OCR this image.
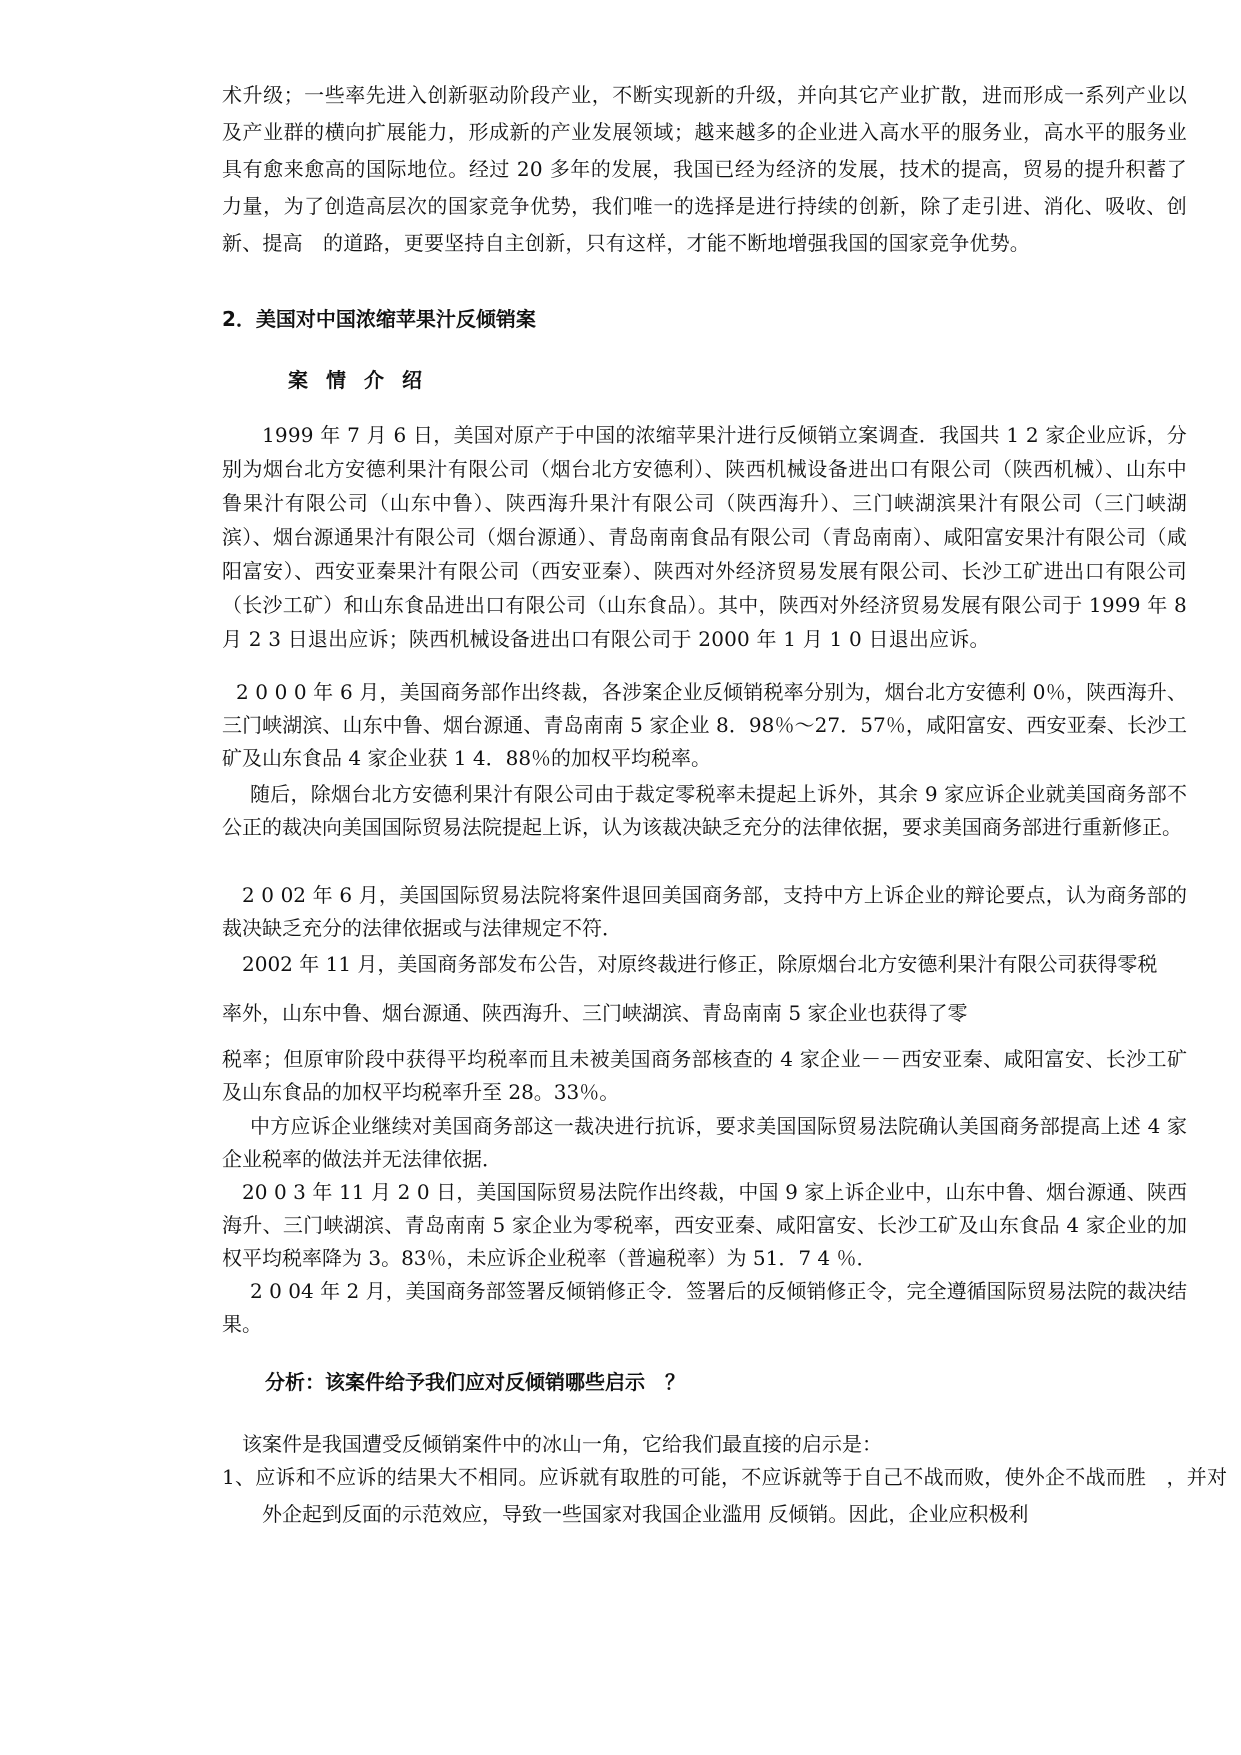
术升级；一些率先进入创新驱动阶段产业，不断实现新的升级，并向其它产业扩散，进而形成一系列产业以及产业群的横向扩展能力，形成新的产业发展领域；越来越多的企业进入高水平的服务业，高水平的服务业具有愈来愈高的国际地位。经过 20 多年的发展，我国已经为经济的发展，技术的提高，贸易的提升积蓄了力量，为了创造高层次的国家竞争优势，我们唯一的选择是进行持续的创新，除了走引进、消化、吸收、创新、提高　的道路，更要坚持自主创新，只有这样，才能不断地增强我国的国家竞争优势。

2．美国对中国浓缩苹果汁反倾销案

案情介绍

1999 年 7 月 6 日，美国对原产于中国的浓缩苹果汁进行反倾销立案调查．我国共 1 2 家企业应诉，分别为烟台北方安德利果汁有限公司（烟台北方安德利）、陕西机械设备进出口有限公司（陕西机械）、山东中鲁果汁有限公司（山东中鲁）、陕西海升果汁有限公司（陕西海升）、三门峡湖滨果汁有限公司（三门峡湖滨）、烟台源通果汁有限公司（烟台源通）、青岛南南食品有限公司（青岛南南）、咸阳富安果汁有限公司（咸阳富安）、西安亚秦果汁有限公司（西安亚秦）、陕西对外经济贸易发展有限公司、长沙工矿进出口有限公司（长沙工矿）和山东食品进出口有限公司（山东食品）。其中，陕西对外经济贸易发展有限公司于 1999 年 8 月 2 3 日退出应诉；陕西机械设备进出口有限公司于 2000 年 1 月 1 0 日退出应诉。

2 0 0 0 年 6 月，美国商务部作出终裁，各涉案企业反倾销税率分别为，烟台北方安德利 0％，陕西海升、三门峡湖滨、山东中鲁、烟台源通、青岛南南 5 家企业 8．98％～27．57％，咸阳富安、西安亚秦、长沙工矿及山东食品 4 家企业获 1 4．88％的加权平均税率。

随后，除烟台北方安德利果汁有限公司由于裁定零税率未提起上诉外，其余 9 家应诉企业就美国商务部不公正的裁决向美国国际贸易法院提起上诉，认为该裁决缺乏充分的法律依据，要求美国商务部进行重新修正。

2 0 02 年 6 月，美国国际贸易法院将案件退回美国商务部，支持中方上诉企业的辩论要点，认为商务部的裁决缺乏充分的法律依据或与法律规定不符．

2002 年 11 月，美国商务部发布公告，对原终裁进行修正，除原烟台北方安德利果汁有限公司获得零税

率外，山东中鲁、烟台源通、陕西海升、三门峡湖滨、青岛南南 5 家企业也获得了零

税率；但原审阶段中获得平均税率而且未被美国商务部核查的 4 家企业－－西安亚秦、咸阳富安、长沙工矿及山东食品的加权平均税率升至 28。33％。

中方应诉企业继续对美国商务部这一裁决进行抗诉，要求美国国际贸易法院确认美国商务部提高上述 4 家企业税率的做法并无法律依据．

20 0 3 年 11 月 2 0 日，美国国际贸易法院作出终裁，中国 9 家上诉企业中，山东中鲁、烟台源通、陕西海升、三门峡湖滨、青岛南南 5 家企业为零税率，西安亚秦、咸阳富安、长沙工矿及山东食品 4 家企业的加权平均税率降为 3。83％，未应诉企业税率（普遍税率）为 51．7 4 ％．

2 0 04 年 2 月，美国商务部签署反倾销修正令．签署后的反倾销修正令，完全遵循国际贸易法院的裁决结果。

分析：该案件给予我们应对反倾销哪些启示　？

该案件是我国遭受反倾销案件中的冰山一角，它给我们最直接的启示是：

1、应诉和不应诉的结果大不相同。应诉就有取胜的可能，不应诉就等于自己不战而败，使外企不战而胜　，并对外企起到反面的示范效应，导致一些国家对我国企业滥用 反倾销。因此，企业应积极利
